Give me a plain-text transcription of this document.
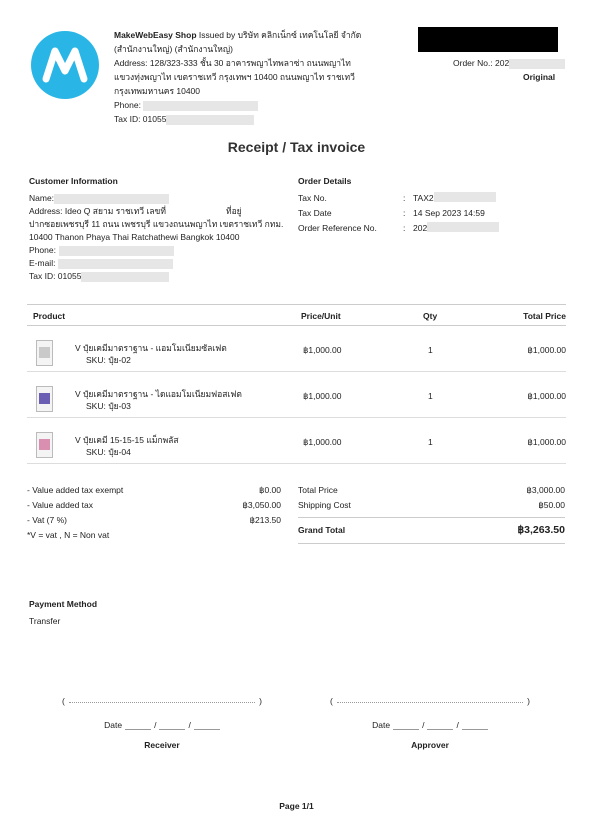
MakeWebEasy Shop Issued by บริษัท คลิกเน็กซ์ เทคโนโลยี จำกัด
(สำนักงานใหญ่) (สำนักงานใหญ่)
Address: 128/323-333 ชั้น 30 อาคารพญาไทพลาซ่า ถนนพญาไท
แขวงทุ่งพญาไท เขตราชเทวี กรุงเทพฯ 10400 ถนนพญาไท ราชเทวี
กรุงเทพมหานคร 10400
Phone:
Tax ID: 01055
Order No.: 202
Original
Receipt / Tax invoice
Customer Information
Name:
Address: Ideo Q สยาม ราชเทวี เลขที่	ที่อยู่
ปากซอยเพชรบุรี 11 ถนน เพชรบุรี แขวงถนนพญาไท เขตราชเทวี กทม.
10400 Thanon Phaya Thai Ratchathewi Bangkok 10400
Phone:
E-mail:
Tax ID: 01055
Order Details
Tax No.	: TAX2
Tax Date	: 14 Sep 2023 14:59
Order Reference No.	: 202
Product	Price/Unit	Qty	Total Price
V ปุ๋ยเคมีมาตราฐาน - แอมโมเนียมซัลเฟต
SKU: ปุ๋ย-02
฿1,000.00	1	฿1,000.00
V ปุ๋ยเคมีมาตราฐาน - ไดแอมโมเนียมฟอสเฟต
SKU: ปุ๋ย-03
฿1,000.00	1	฿1,000.00
V ปุ๋ยเคมี 15-15-15 แม็กพลัส
SKU: ปุ๋ย-04
฿1,000.00	1	฿1,000.00
- Value added tax exempt	฿0.00
- Value added tax	฿3,050.00
- Vat (7 %)	฿213.50
*V = vat , N = Non vat
Total Price	฿3,000.00
Shipping Cost	฿50.00
Grand Total	฿3,263.50
Payment Method
Transfer
(	)
Date	/	/
Receiver
(	)
Date	/	/
Approver
Page 1/1
